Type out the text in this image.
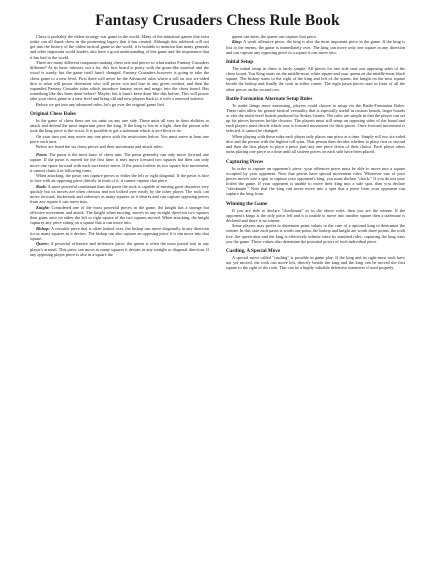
Fantasy Crusaders Chess Rule Book

Chess is probably the oldest strategy war game in the world. Many of the miniature games that exist today can all thank chess in the pioneering legacy that it has created. Although this rulebook will not get into the history of the oldest tactical game in the world, it is notable to mention that many generals and other important world leaders also have a good understanding of this game and the importance that it has had in the world.

There are many different companies making chess sets and pieces so what makes Fantasy Crusaders different? At its basic rulesset, not a lot, this first board is pretty with the grass-like material and the wood is sturdy, but the game itself hasn't changed. Fantasy Crusaders however is going to take the chess game to a new level. First there will never be the Advanced rules where a roll on two six-sided dice is what will power determine who will prove win and lose in any given combat, and then the expanded Fantasy Crusader rules which introduce fantasy races and magic into the chess board. Has something like this been done before? Maybe, but it hasn't been done like this before. This will power take your chess game to a new level and bring old and new players back to it with a renewed interest.

Before we get into any advanced rules, let's go over the original game first.

Original Chess Rules

In the game of chess there are six units on any one side. These units all vary in their abilities to attack and defend the most important piece the king. If the king is lost in a fight, then the person who took the king piece is the victor. It is possible to get a stalemate which is an effective tie.

On your turn you may move any one piece with the restrictions below. You must move at least one piece each turn.

Below are listed the six chess pieces and their movement and attack rules.

Pawn: The pawn is the most basic of chess unit. The pawn generally can only move forward one square. If the pawn is moved for the first time, it may move forward two squares but then can only move one space forward with each successive move. If the pawn forfeits its two square first movement, it cannot claim it in following turns.

When attacking, the pawn can capture pieces to either the left or right diagonal. If the pawn is face to face with an opposing piece directly in front of it, it cannot capture that piece.

Rook: A more powerful combatant than the pawn the rook is capable of moving great distances very quickly but its moves are often obvious and not locked over easily by the other player. The rook can move forward, backwards and sideways as many squares as it desires and can capture opposing pieces from any square it can move into.

Knight: Considered one of the most powerful pieces in the game, the knight has a strange but effective movement and attack. The knight when moving, moves in any straight direction two squares then gains once on either the left or right square of the two squares moved. When attacking, the knight captures any piece sitting on a square that it can move into.

Bishop: A versatile piece that is often looked over, the bishop can move diagonally in any direction for as many squares as it desires. The bishop can also capture an opposing piece if it can move into that square.

Queen: A powerful offensive and defensive piece, the queen is often the most prized tool in any player's arsenal. This piece can move as many squares it desires in any straight or diagonal direction. If any opposing player piece is also in a square the

queen can enter, the queen can capture that piece.

King: A weak offensive piece, the king is also the most important piece in the game. If the king is lost to the enemy, the game is immediately over. The king can move only one square in any direction and can capture any opposing piece in a square it can move into.

Initial Setup

The initial setup in chess is fairly simple. All pieces for one side start one opposing sides of the chess board. You King starts on the middle-most white square and your queen on the middle-most black square. The bishop starts to the right of the king and left of the queen, the knight on the next square beside the bishop and finally the rook in either corner. The eight pawn pieces start in front of all the other pieces on the second row.

Battle Formation Alternate Setup Rules

To make things more interesting, players could choose to setup via the Battle-Formation Rules. These rules allow for greater tactical versatility that is especially useful in custom boards, larger boards or else the multi-level boards produced by Stokes Games. The rules are simple in that the player can set up his pieces however he/she chooses. The players must still setup on opposing sides of the board and each players must decide which way is forward movement for their pieces. Once forward movement is selected, it cannot be changed.

When playing with these rules each player only places one piece at a time. Simply roll two six-sided dice and the person with the highest roll wins. That person then decides whether to place first or second and then the first player to place a piece puts any one piece down of their choice. Each player takes turns placing one piece at a time until all sixteen pieces on each side have been placed.

Capturing Pieces

In order to capture an opponent's piece, your offensive piece must be able to move into a square occupied by your opponent. Note that pawns have special movement rules. Whenever one of your pieces moves into a spot to capture your opponent's king, you must declare "check." If you do not your forfeit the game. If your opponent is unable to move their king into a safe spot, then you declare "checkmate." Note that the king can never move into a spot that a piece from your opponent can capture the king from.

Winning the Game

If you are able to declare "checkmate" as in the above rules, then you are the winner. If the opponent's kings is the only piece left and it is unable to move into another square then a stalemate is declared and there is no winner.

Some players may prefer to determine point values in the case of a optional king to determine the winner. In this case each pawn is worth one point, the bishop and knight are worth three points, the rook five, the queen nine and the king is effectively infinite since by standard rules, capturing the king wins you the game. These values also determine the potential power of each individual piece.

Castling, A Special Move

A special move called "castling" is possible in game play. If the king and its right-most rook have not yet moved, the rook can move left, directly beside the king and the king can be moved the first square to the right of the rook. This can be a highly valuable defensive maneuver if used properly.
